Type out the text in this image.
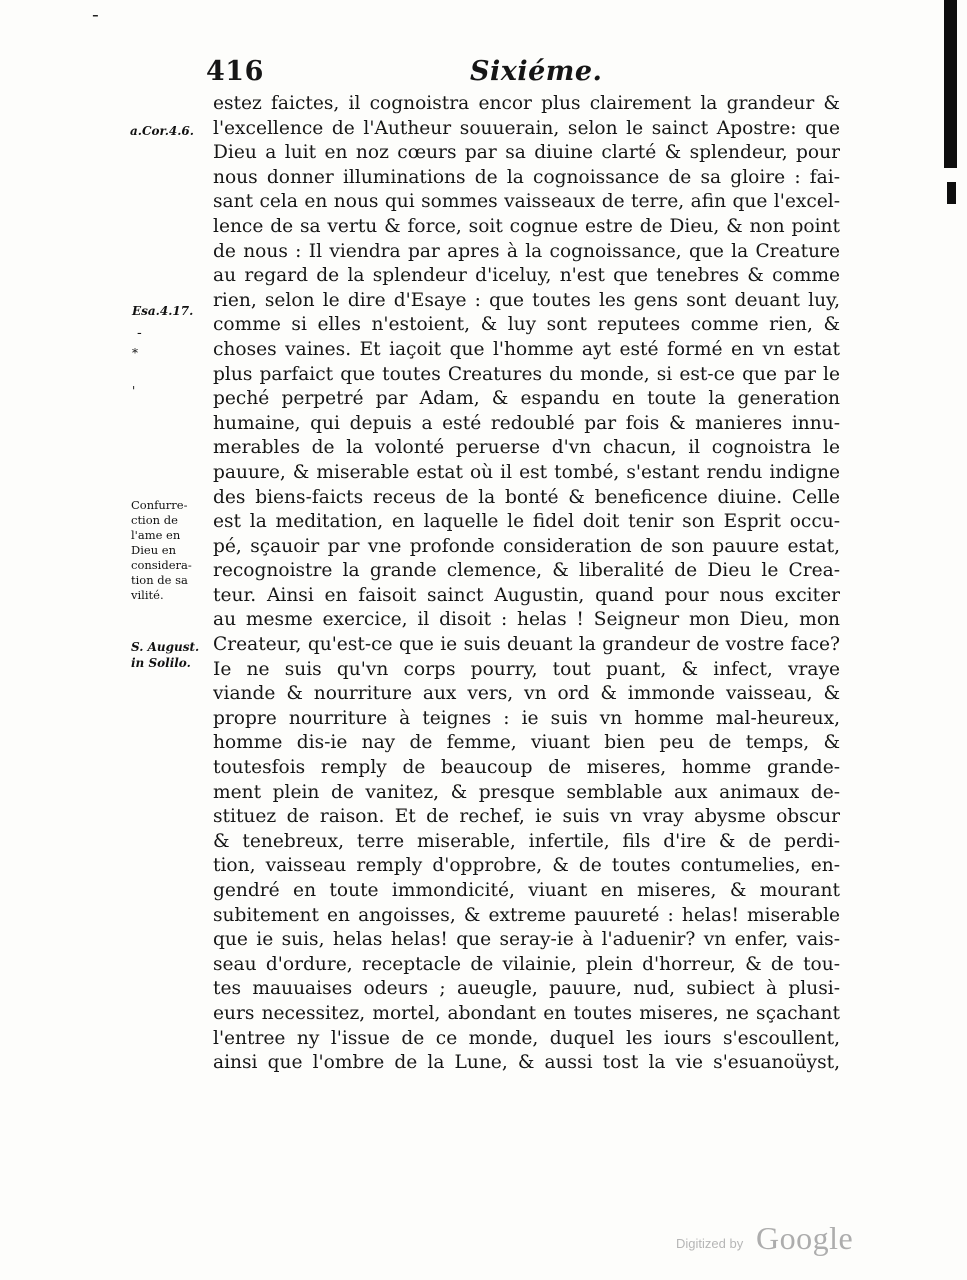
-
416	Sixiéme.
a.Cor.4.6.
Esa.4.17.
-
*
'
Confurre-
ction de
l'ame en
Dieu en
considera-
tion de sa
vilité.
S. August.
in Solilo.
estez faictes, il cognoistra encor plus clairement la grandeur &
l'excellence de l'Autheur souuerain, selon le sainct Apostre: que
Dieu a luit en noz cœurs par sa diuine clarté & splendeur, pour
nous donner illuminations de la cognoissance de sa gloire : fai-
sant cela en nous qui sommes vaisseaux de terre, afin que l'excel-
lence de sa vertu & force, soit cognue estre de Dieu, & non point
de nous : Il viendra par apres à la cognoissance, que la Creature
au regard de la splendeur d'iceluy, n'est que tenebres & comme
rien, selon le dire d'Esaye : que toutes les gens sont deuant luy,
comme si elles n'estoient, & luy sont reputees comme rien, &
choses vaines. Et iaçoit que l'homme ayt esté formé en vn estat
plus parfaict que toutes Creatures du monde, si est-ce que par le
peché perpetré par Adam, & espandu en toute la generation
humaine, qui depuis a esté redoublé par fois & manieres innu-
merables de la volonté peruerse d'vn chacun, il cognoistra le
pauure, & miserable estat où il est tombé, s'estant rendu indigne
des biens-faicts receus de la bonté & beneficence diuine. Celle
est la meditation, en laquelle le fidel doit tenir son Esprit occu-
pé, sçauoir par vne profonde consideration de son pauure estat,
recognoistre la grande clemence, & liberalité de Dieu le Crea-
teur. Ainsi en faisoit sainct Augustin, quand pour nous exciter
au mesme exercice, il disoit : helas ! Seigneur mon Dieu, mon
Createur, qu'est-ce que ie suis deuant la grandeur de vostre face?
Ie ne suis qu'vn corps pourry, tout puant, & infect, vraye
viande & nourriture aux vers, vn ord & immonde vaisseau, &
propre nourriture à teignes : ie suis vn homme mal-heureux,
homme dis-ie nay de femme, viuant bien peu de temps, &
toutesfois remply de beaucoup de miseres, homme grande-
ment plein de vanitez, & presque semblable aux animaux de-
stituez de raison. Et de rechef, ie suis vn vray abysme obscur
& tenebreux, terre miserable, infertile, fils d'ire & de perdi-
tion, vaisseau remply d'opprobre, & de toutes contumelies, en-
gendré en toute immondicité, viuant en miseres, & mourant
subitement en angoisses, & extreme pauureté : helas! miserable
que ie suis, helas helas! que seray-ie à l'aduenir? vn enfer, vais-
seau d'ordure, receptacle de vilainie, plein d'horreur, & de tou-
tes mauuaises odeurs ; aueugle, pauure, nud, subiect à plusi-
eurs necessitez, mortel, abondant en toutes miseres, ne sçachant
l'entree ny l'issue de ce monde, duquel les iours s'escoullent,
ainsi que l'ombre de la Lune, & aussi tost la vie s'esuanoüyst,
Digitized by Google
